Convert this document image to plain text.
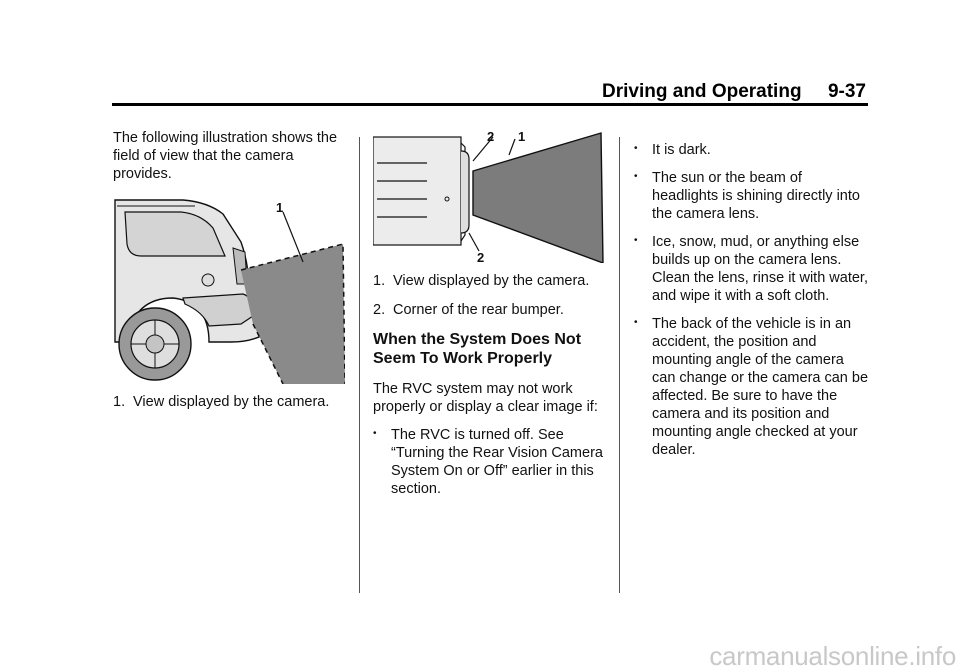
Driving and Operating 9-37

The following illustration shows the field of view that the camera provides.

1
1. View displayed by the camera.
2 1
2
1. View displayed by the camera.
2. Corner of the rear bumper.
When the System Does Not Seem To Work Properly

The RVC system may not work properly or display a clear image if:

• The RVC is turned off. See “Turning the Rear Vision Camera System On or Off” earlier in this section.
• It is dark.
• The sun or the beam of headlights is shining directly into the camera lens.
• Ice, snow, mud, or anything else builds up on the camera lens. Clean the lens, rinse it with water, and wipe it with a soft cloth.
• The back of the vehicle is in an accident, the position and mounting angle of the camera can change or the camera can be affected. Be sure to have the camera and its position and mounting angle checked at your dealer.
carmanualsonline.info
